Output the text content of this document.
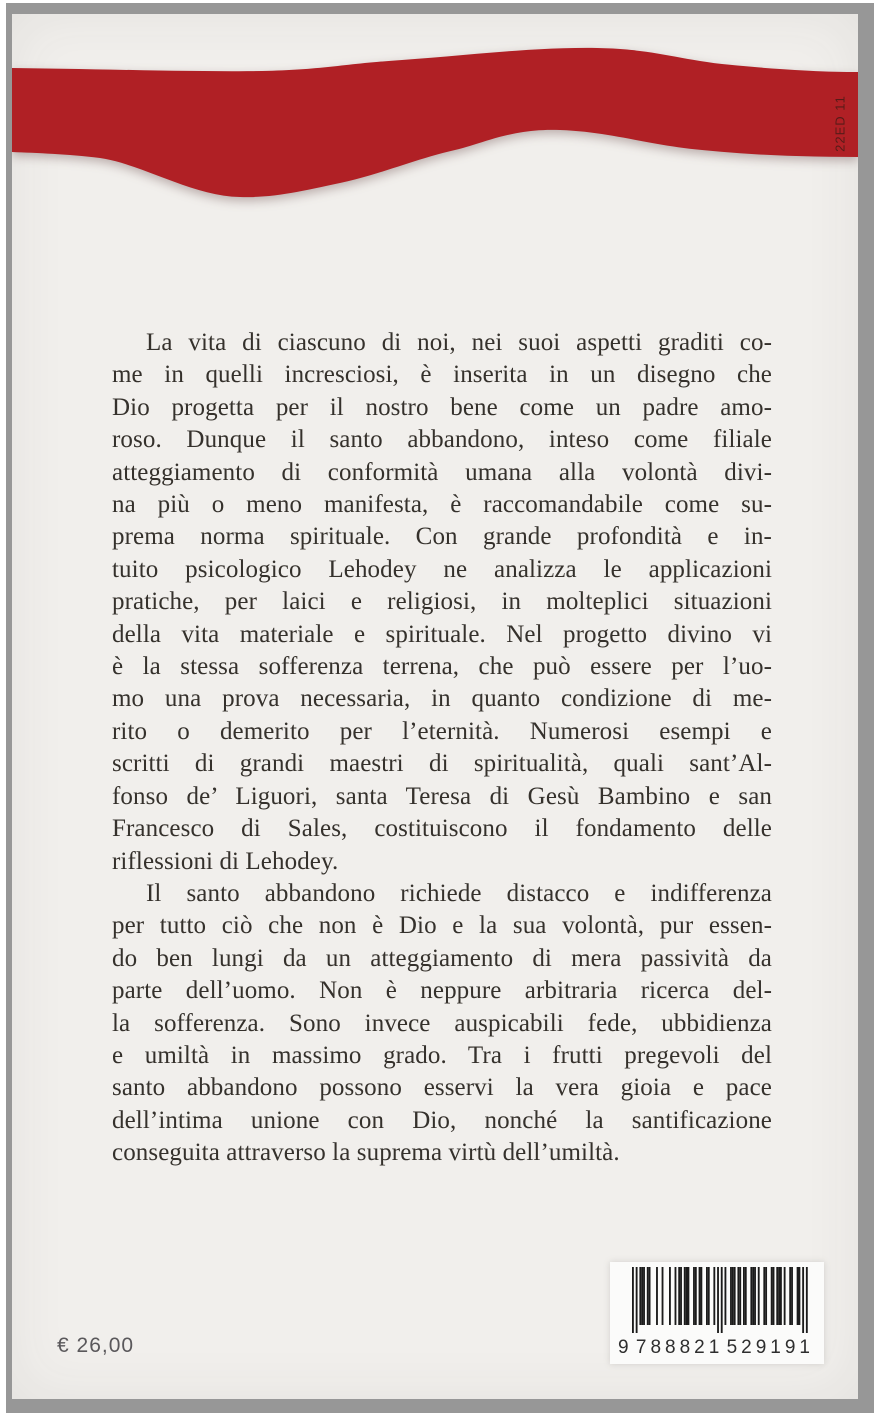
22ED 11
La vita di ciascuno di noi, nei suoi aspetti graditi co-
me in quelli incresciosi, è inserita in un disegno che
Dio progetta per il nostro bene come un padre amo-
roso. Dunque il santo abbandono, inteso come filiale
atteggiamento di conformità umana alla volontà divi-
na più o meno manifesta, è raccomandabile come su-
prema norma spirituale. Con grande profondità e in-
tuito psicologico Lehodey ne analizza le applicazioni
pratiche, per laici e religiosi, in molteplici situazioni
della vita materiale e spirituale. Nel progetto divino vi
è la stessa sofferenza terrena, che può essere per l’uo-
mo una prova necessaria, in quanto condizione di me-
rito o demerito per l’eternità. Numerosi esempi e
scritti di grandi maestri di spiritualità, quali sant’Al-
fonso de’ Liguori, santa Teresa di Gesù Bambino e san
Francesco di Sales, costituiscono il fondamento delle
riflessioni di Lehodey.
Il santo abbandono richiede distacco e indifferenza
per tutto ciò che non è Dio e la sua volontà, pur essen-
do ben lungi da un atteggiamento di mera passività da
parte dell’uomo. Non è neppure arbitraria ricerca del-
la sofferenza. Sono invece auspicabili fede, ubbidienza
e umiltà in massimo grado. Tra i frutti pregevoli del
santo abbandono possono esservi la vera gioia e pace
dell’intima unione con Dio, nonché la santificazione
conseguita attraverso la suprema virtù dell’umiltà.
€ 26,00	9 788821 529191
